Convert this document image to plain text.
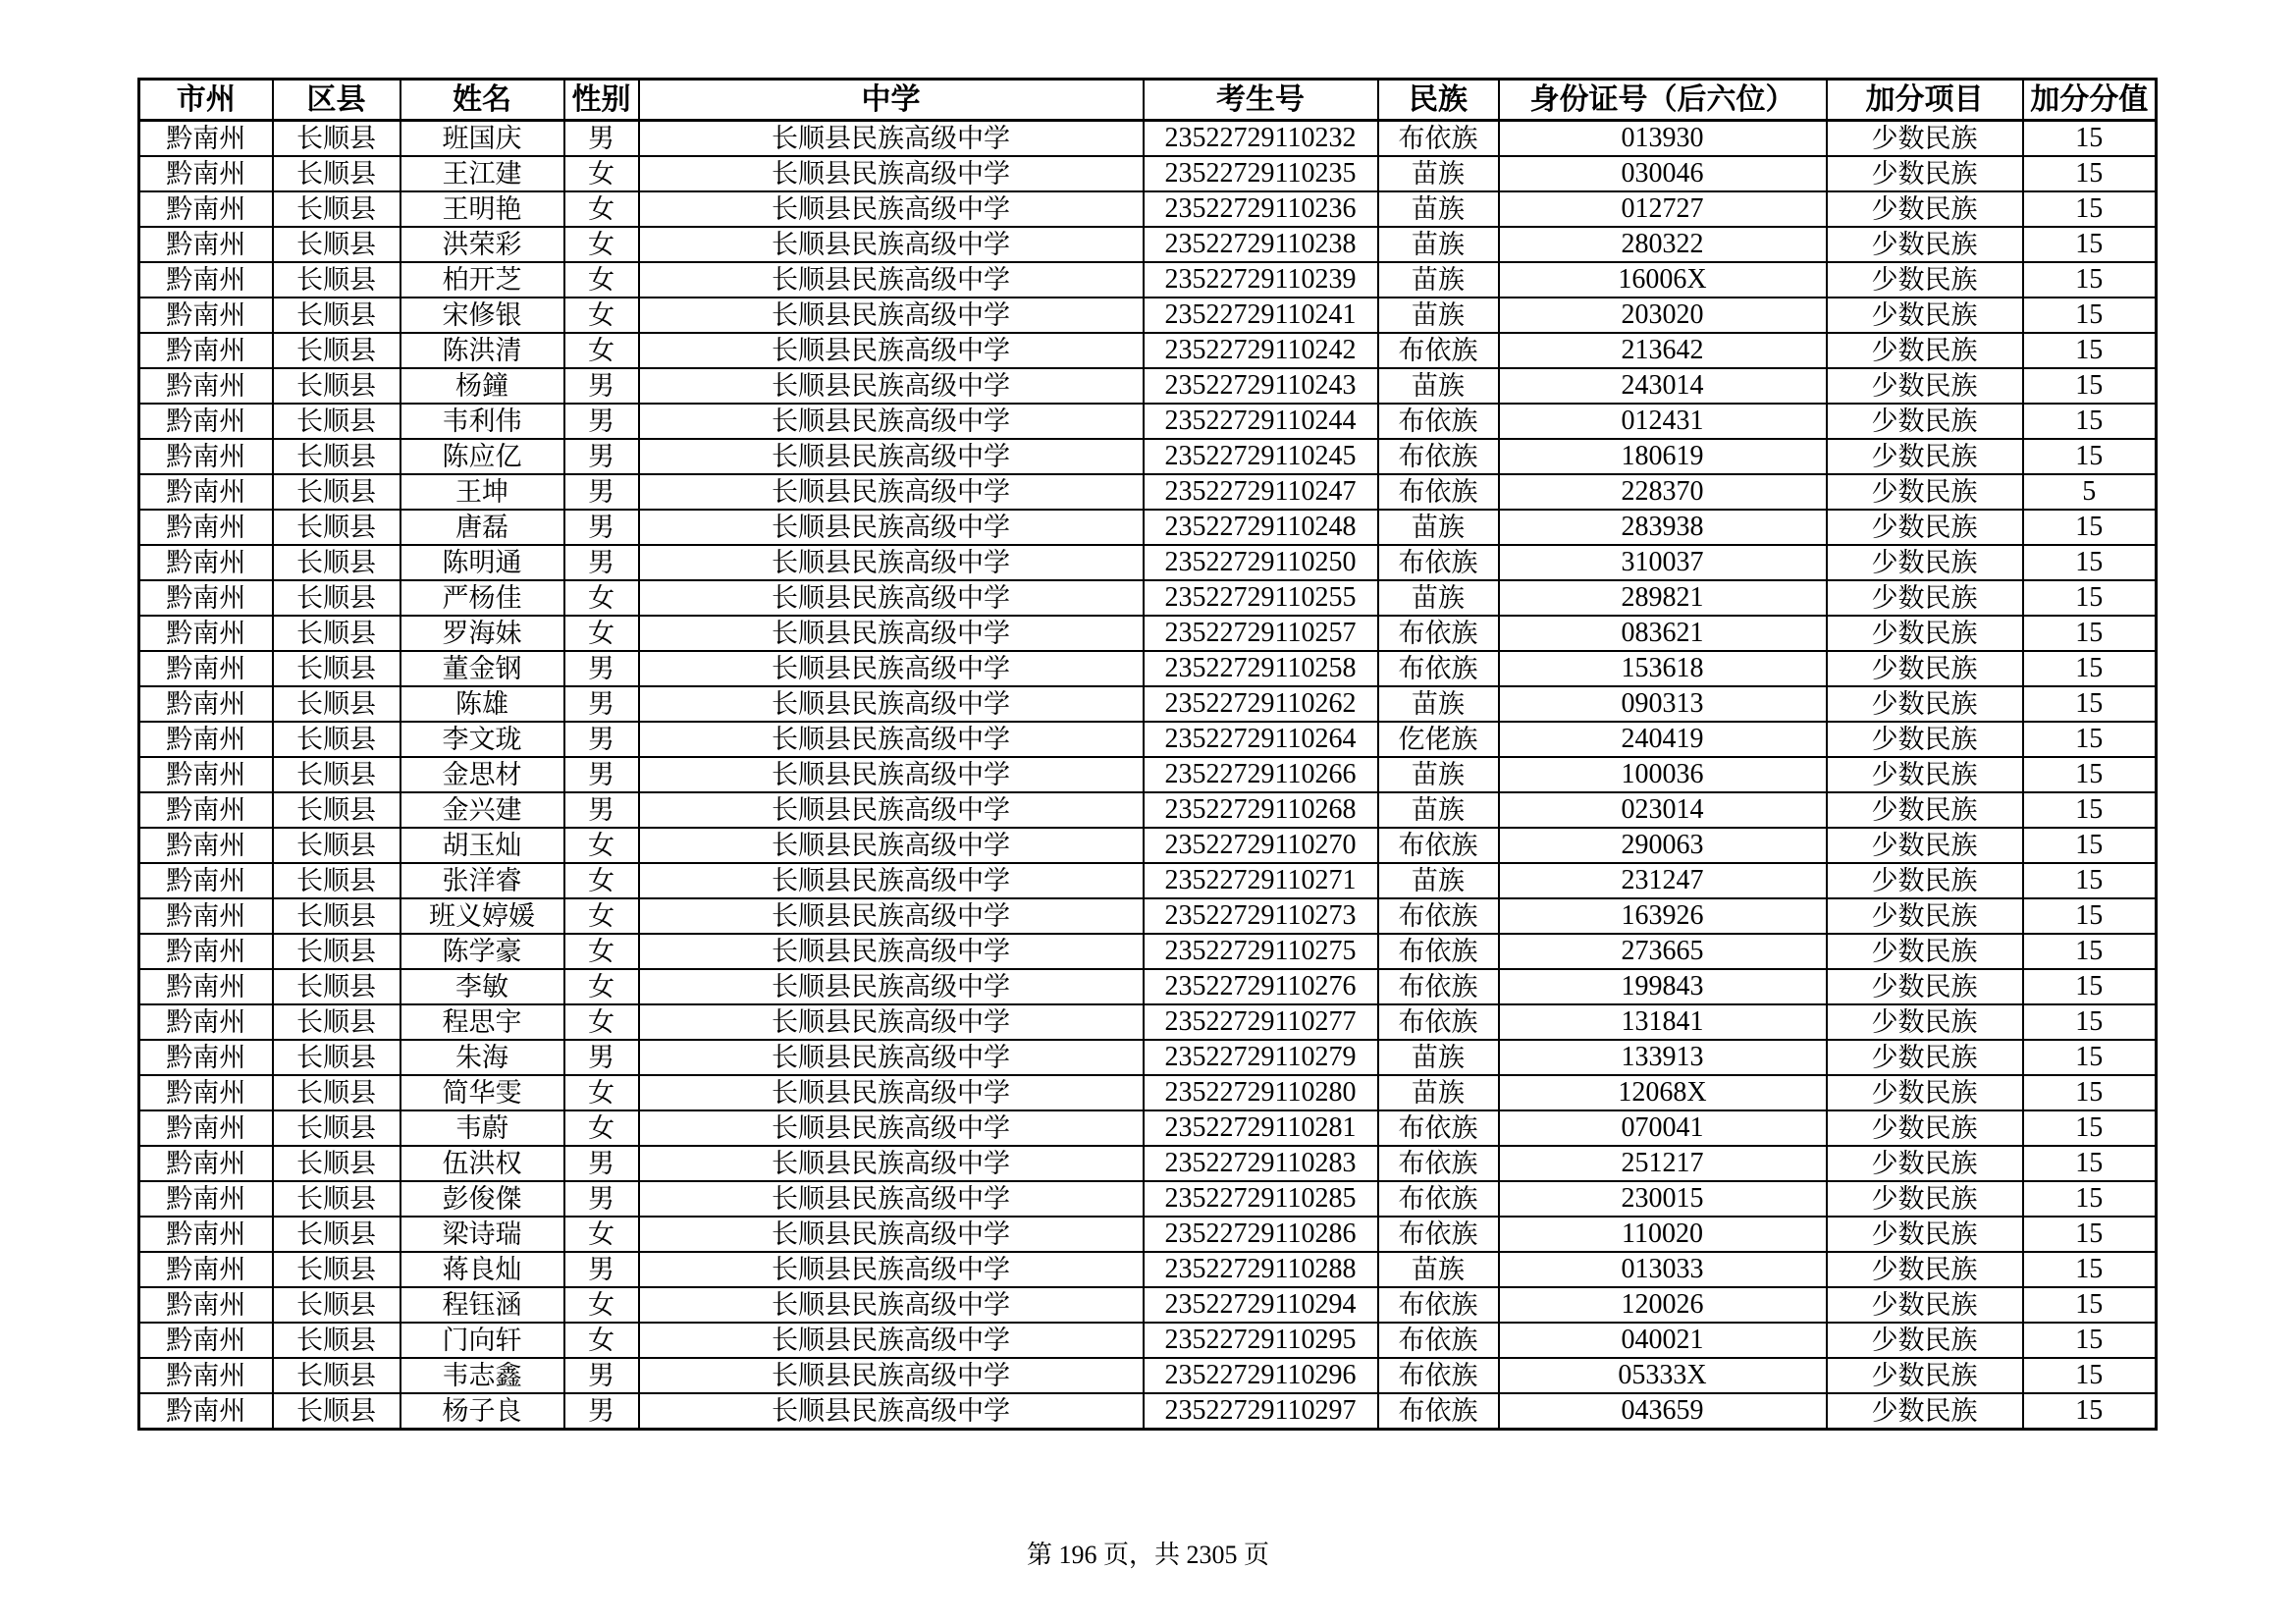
市州	区县	姓名	性别	中学	考生号	民族	身份证号（后六位）	加分项目	加分分值
黔南州	长顺县	班国庆	男	长顺县民族高级中学	23522729110232	布依族	013930	少数民族	15
黔南州	长顺县	王江建	女	长顺县民族高级中学	23522729110235	苗族	030046	少数民族	15
黔南州	长顺县	王明艳	女	长顺县民族高级中学	23522729110236	苗族	012727	少数民族	15
黔南州	长顺县	洪荣彩	女	长顺县民族高级中学	23522729110238	苗族	280322	少数民族	15
黔南州	长顺县	柏开芝	女	长顺县民族高级中学	23522729110239	苗族	16006X	少数民族	15
黔南州	长顺县	宋修银	女	长顺县民族高级中学	23522729110241	苗族	203020	少数民族	15
黔南州	长顺县	陈洪清	女	长顺县民族高级中学	23522729110242	布依族	213642	少数民族	15
黔南州	长顺县	杨鐘	男	长顺县民族高级中学	23522729110243	苗族	243014	少数民族	15
黔南州	长顺县	韦利伟	男	长顺县民族高级中学	23522729110244	布依族	012431	少数民族	15
黔南州	长顺县	陈应亿	男	长顺县民族高级中学	23522729110245	布依族	180619	少数民族	15
黔南州	长顺县	王坤	男	长顺县民族高级中学	23522729110247	布依族	228370	少数民族	5
黔南州	长顺县	唐磊	男	长顺县民族高级中学	23522729110248	苗族	283938	少数民族	15
黔南州	长顺县	陈明通	男	长顺县民族高级中学	23522729110250	布依族	310037	少数民族	15
黔南州	长顺县	严杨佳	女	长顺县民族高级中学	23522729110255	苗族	289821	少数民族	15
黔南州	长顺县	罗海妹	女	长顺县民族高级中学	23522729110257	布依族	083621	少数民族	15
黔南州	长顺县	董金钢	男	长顺县民族高级中学	23522729110258	布依族	153618	少数民族	15
黔南州	长顺县	陈雄	男	长顺县民族高级中学	23522729110262	苗族	090313	少数民族	15
黔南州	长顺县	李文珑	男	长顺县民族高级中学	23522729110264	仡佬族	240419	少数民族	15
黔南州	长顺县	金思材	男	长顺县民族高级中学	23522729110266	苗族	100036	少数民族	15
黔南州	长顺县	金兴建	男	长顺县民族高级中学	23522729110268	苗族	023014	少数民族	15
黔南州	长顺县	胡玉灿	女	长顺县民族高级中学	23522729110270	布依族	290063	少数民族	15
黔南州	长顺县	张洋睿	女	长顺县民族高级中学	23522729110271	苗族	231247	少数民族	15
黔南州	长顺县	班义婷媛	女	长顺县民族高级中学	23522729110273	布依族	163926	少数民族	15
黔南州	长顺县	陈学豪	女	长顺县民族高级中学	23522729110275	布依族	273665	少数民族	15
黔南州	长顺县	李敏	女	长顺县民族高级中学	23522729110276	布依族	199843	少数民族	15
黔南州	长顺县	程思宇	女	长顺县民族高级中学	23522729110277	布依族	131841	少数民族	15
黔南州	长顺县	朱海	男	长顺县民族高级中学	23522729110279	苗族	133913	少数民族	15
黔南州	长顺县	简华雯	女	长顺县民族高级中学	23522729110280	苗族	12068X	少数民族	15
黔南州	长顺县	韦蔚	女	长顺县民族高级中学	23522729110281	布依族	070041	少数民族	15
黔南州	长顺县	伍洪权	男	长顺县民族高级中学	23522729110283	布依族	251217	少数民族	15
黔南州	长顺县	彭俊傑	男	长顺县民族高级中学	23522729110285	布依族	230015	少数民族	15
黔南州	长顺县	梁诗瑞	女	长顺县民族高级中学	23522729110286	布依族	110020	少数民族	15
黔南州	长顺县	蒋良灿	男	长顺县民族高级中学	23522729110288	苗族	013033	少数民族	15
黔南州	长顺县	程钰涵	女	长顺县民族高级中学	23522729110294	布依族	120026	少数民族	15
黔南州	长顺县	门向轩	女	长顺县民族高级中学	23522729110295	布依族	040021	少数民族	15
黔南州	长顺县	韦志鑫	男	长顺县民族高级中学	23522729110296	布依族	05333X	少数民族	15
黔南州	长顺县	杨子良	男	长顺县民族高级中学	23522729110297	布依族	043659	少数民族	15
第 196 页，共 2305 页
